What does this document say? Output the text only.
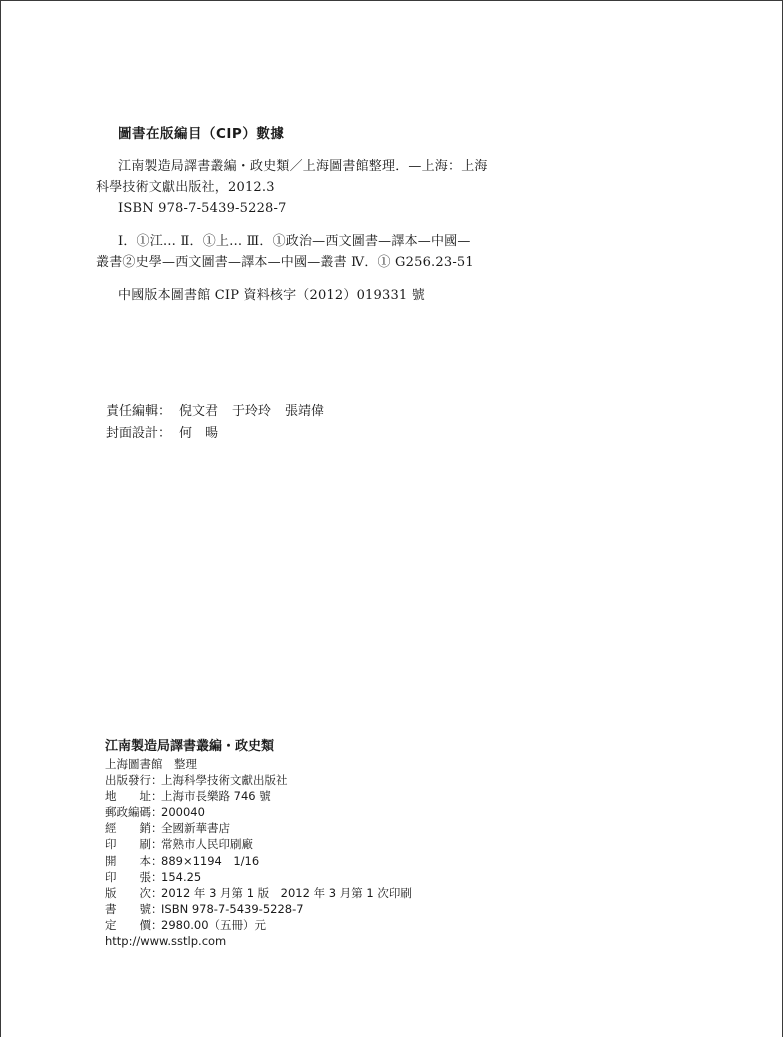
圖書在版編目（CIP）數據
江南製造局譯書叢編・政史類／上海圖書館整理．—上海：上海
科學技術文獻出版社，2012.3
ISBN 978-7-5439-5228-7
Ⅰ．①江… Ⅱ．①上… Ⅲ．①政治—西文圖書—譯本—中國—
叢書②史學—西文圖書—譯本—中國—叢書 Ⅳ．① G256.23-51
中國版本圖書館 CIP 資料核字（2012）019331 號
責任編輯： 倪文君 于玲玲 張靖偉
封面設計： 何　暘
江南製造局譯書叢編・政史類
上海圖書館　整理
出版發行：上海科學技術文獻出版社
地　　址：上海市長樂路 746 號
郵政編碼：200040
經　　銷：全國新華書店
印　　刷：常熟市人民印刷廠
開　　本：889×1194　1/16
印　　張：154.25
版　　次：2012 年 3 月第 1 版　2012 年 3 月第 1 次印刷
書　　號：ISBN 978-7-5439-5228-7
定　　價：2980.00（五冊）元
http://www.sstlp.com
